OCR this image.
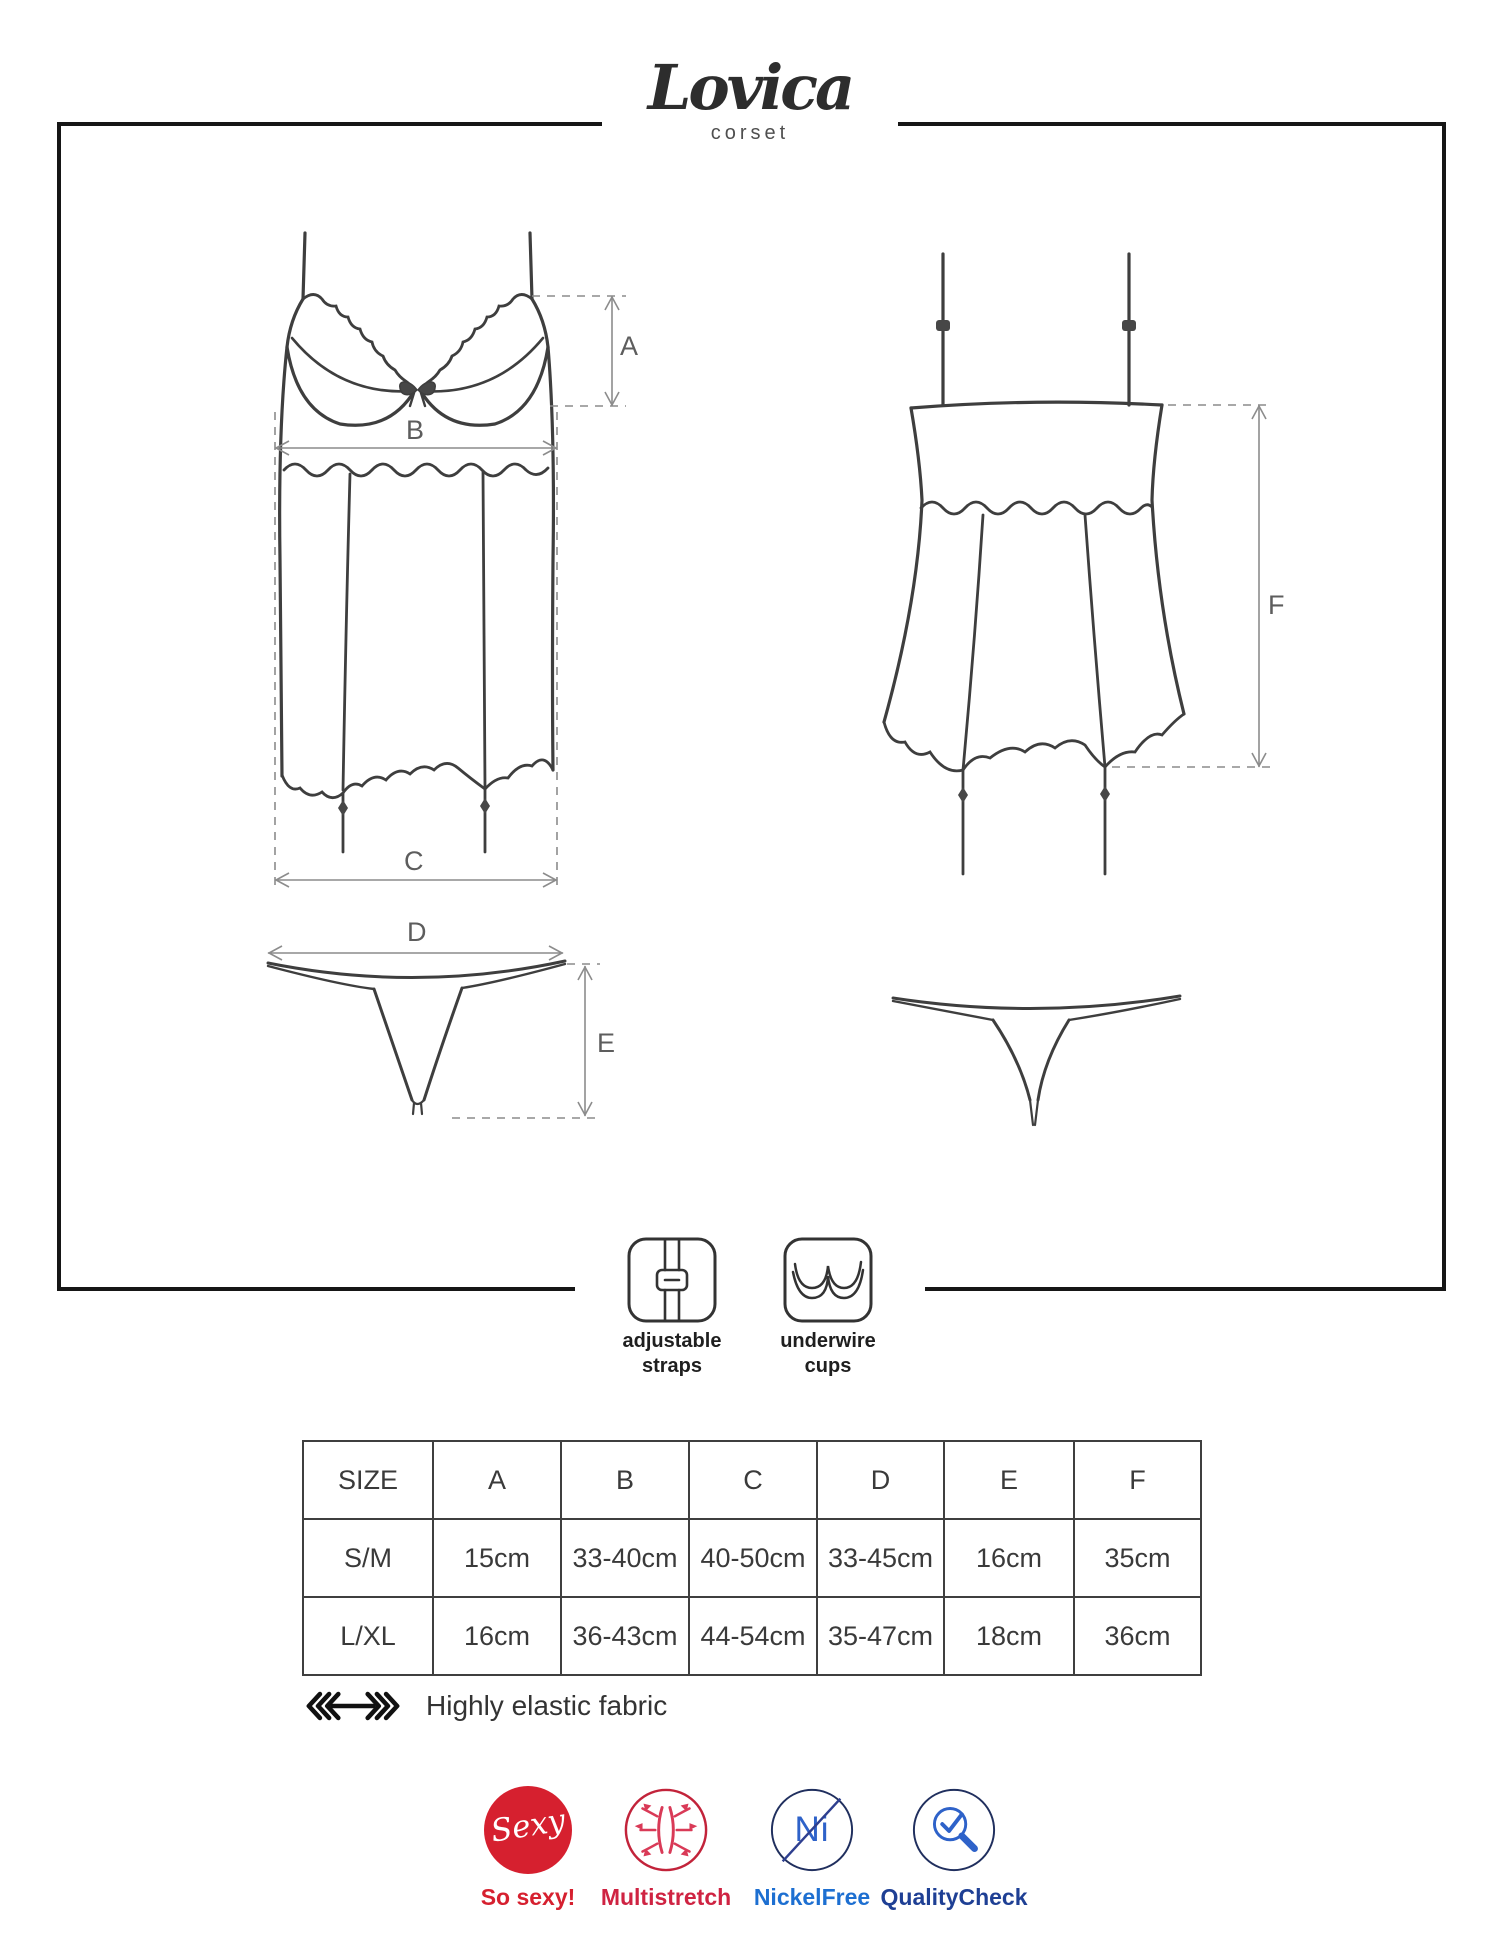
Lovica
corset
A
B
C
D
E
F
adjustable
straps
underwire
cups
SIZE	A	B	C	D	E	F
S/M	15cm	33-40cm	40-50cm	33-45cm	16cm	35cm
L/XL	16cm	36-43cm	44-54cm	35-47cm	18cm	36cm
Highly elastic fabric
Sexy
So sexy!	Multistretch
Ni
NickelFree QualityCheck
